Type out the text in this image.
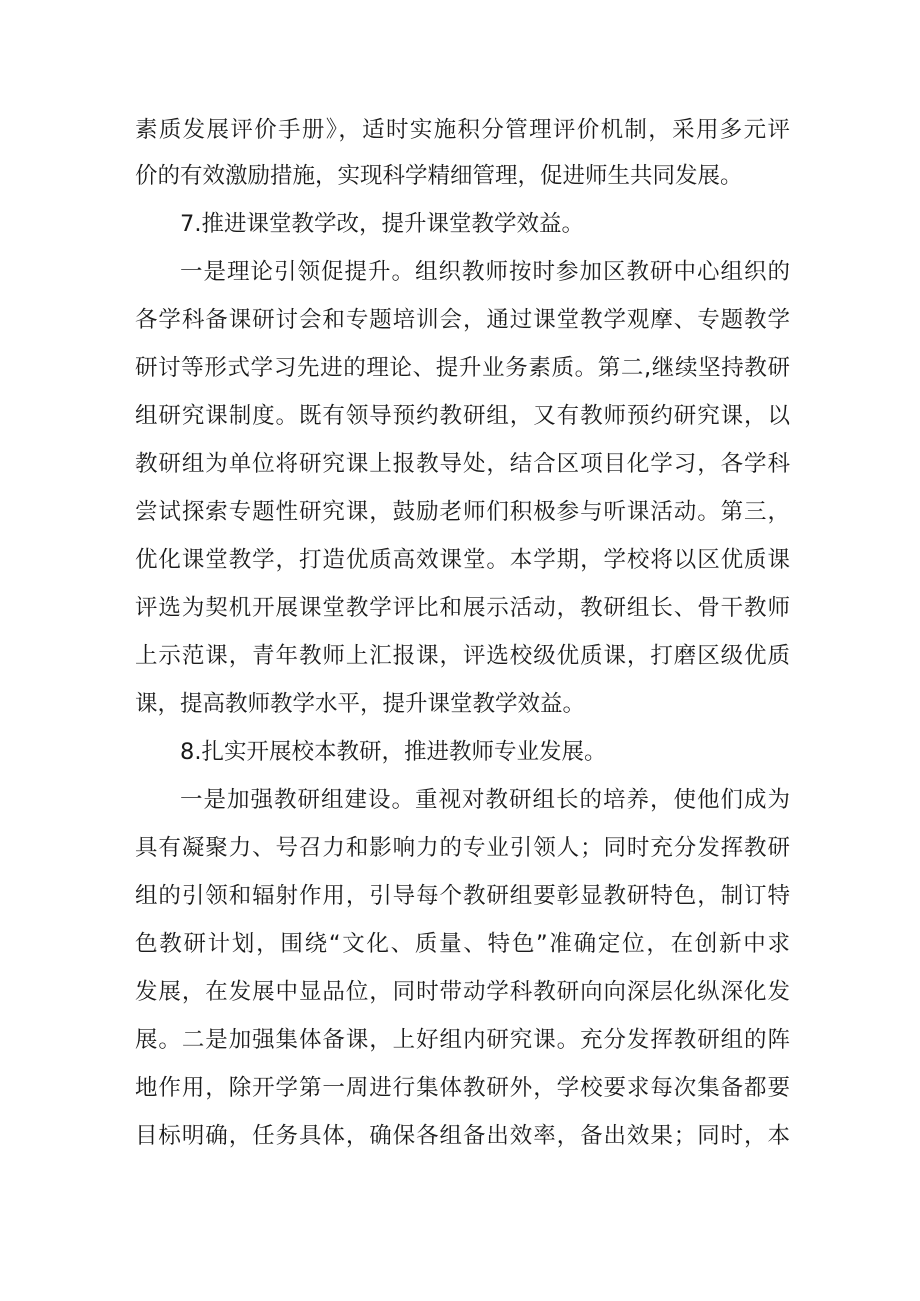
素质发展评价手册》，适时实施积分管理评价机制，采用多元评
价的有效激励措施，实现科学精细管理，促进师生共同发展。
7.推进课堂教学改，提升课堂教学效益。
一是理论引领促提升。组织教师按时参加区教研中心组织的
各学科备课研讨会和专题培训会，通过课堂教学观摩、专题教学
研讨等形式学习先进的理论、提升业务素质。第二,继续坚持教研
组研究课制度。既有领导预约教研组，又有教师预约研究课，以
教研组为单位将研究课上报教导处，结合区项目化学习，各学科
尝试探索专题性研究课，鼓励老师们积极参与听课活动。第三，
优化课堂教学，打造优质高效课堂。本学期，学校将以区优质课
评选为契机开展课堂教学评比和展示活动，教研组长、骨干教师
上示范课，青年教师上汇报课，评选校级优质课，打磨区级优质
课，提高教师教学水平，提升课堂教学效益。
8.扎实开展校本教研，推进教师专业发展。
一是加强教研组建设。重视对教研组长的培养，使他们成为
具有凝聚力、号召力和影响力的专业引领人；同时充分发挥教研
组的引领和辐射作用，引导每个教研组要彰显教研特色，制订特
色教研计划，围绕“文化、质量、特色”准确定位，在创新中求
发展，在发展中显品位，同时带动学科教研向向深层化纵深化发
展。二是加强集体备课，上好组内研究课。充分发挥教研组的阵
地作用，除开学第一周进行集体教研外，学校要求每次集备都要
目标明确，任务具体，确保各组备出效率，备出效果；同时，本
